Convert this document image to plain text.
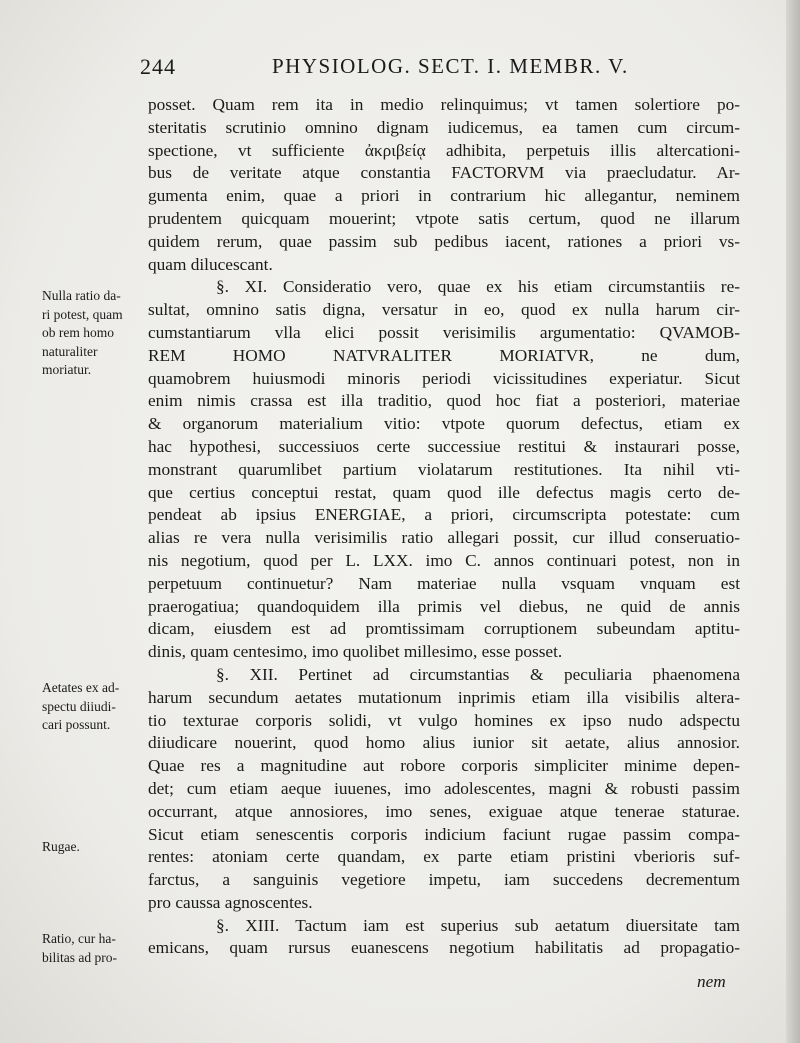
244	PHYSIOLOG. SECT. I. MEMBR. V.
posset. Quam rem ita in medio relinquimus; vt tamen solertiore po-
steritatis scrutinio omnino dignam iudicemus, ea tamen cum circum-
spectione, vt sufficiente ἀκριβείᾳ adhibita, perpetuis illis altercationi-
bus de veritate atque constantia FACTORVM via praecludatur. Ar-
gumenta enim, quae a priori in contrarium hic allegantur, neminem
prudentem quicquam mouerint; vtpote satis certum, quod ne illarum
quidem rerum, quae passim sub pedibus iacent, rationes a priori vs-
quam dilucescant.
§. XI. Consideratio vero, quae ex his etiam circumstantiis re-
sultat, omnino satis digna, versatur in eo, quod ex nulla harum cir-
cumstantiarum vlla elici possit verisimilis argumentatio: QVAMOB-
REM HOMO NATVRALITER MORIATVR, ne dum,
quamobrem huiusmodi minoris periodi vicissitudines experiatur. Sicut
enim nimis crassa est illa traditio, quod hoc fiat a posteriori, materiae
& organorum materialium vitio: vtpote quorum defectus, etiam ex
hac hypothesi, successiuos certe successiue restitui & instaurari posse,
monstrant quarumlibet partium violatarum restitutiones. Ita nihil vti-
que certius conceptui restat, quam quod ille defectus magis certo de-
pendeat ab ipsius ENERGIAE, a priori, circumscripta potestate: cum
alias re vera nulla verisimilis ratio allegari possit, cur illud conseruatio-
nis negotium, quod per L. LXX. imo C. annos continuari potest, non in
perpetuum continuetur? Nam materiae nulla vsquam vnquam est
praerogatiua; quandoquidem illa primis vel diebus, ne quid de annis
dicam, eiusdem est ad promtissimam corruptionem subeundam aptitu-
dinis, quam centesimo, imo quolibet millesimo, esse posset.
§. XII. Pertinet ad circumstantias & peculiaria phaenomena
harum secundum aetates mutationum inprimis etiam illa visibilis altera-
tio texturae corporis solidi, vt vulgo homines ex ipso nudo adspectu
diiudicare nouerint, quod homo alius iunior sit aetate, alius annosior.
Quae res a magnitudine aut robore corporis simpliciter minime depen-
det; cum etiam aeque iuuenes, imo adolescentes, magni & robusti passim
occurrant, atque annosiores, imo senes, exiguae atque tenerae staturae.
Sicut etiam senescentis corporis indicium faciunt rugae passim compa-
rentes: atoniam certe quandam, ex parte etiam pristini vberioris suf-
farctus, a sanguinis vegetiore impetu, iam succedens decrementum
pro caussa agnoscentes.
§. XIII. Tactum iam est superius sub aetatum diuersitate tam
emicans, quam rursus euanescens negotium habilitatis ad propagatio-
nem
Nulla ratio da-
ri potest, quam
ob rem homo
naturaliter
moriatur.
Aetates ex ad-
spectu diiudi-
cari possunt.
Rugae.
Ratio, cur ha-
bilitas ad pro-
